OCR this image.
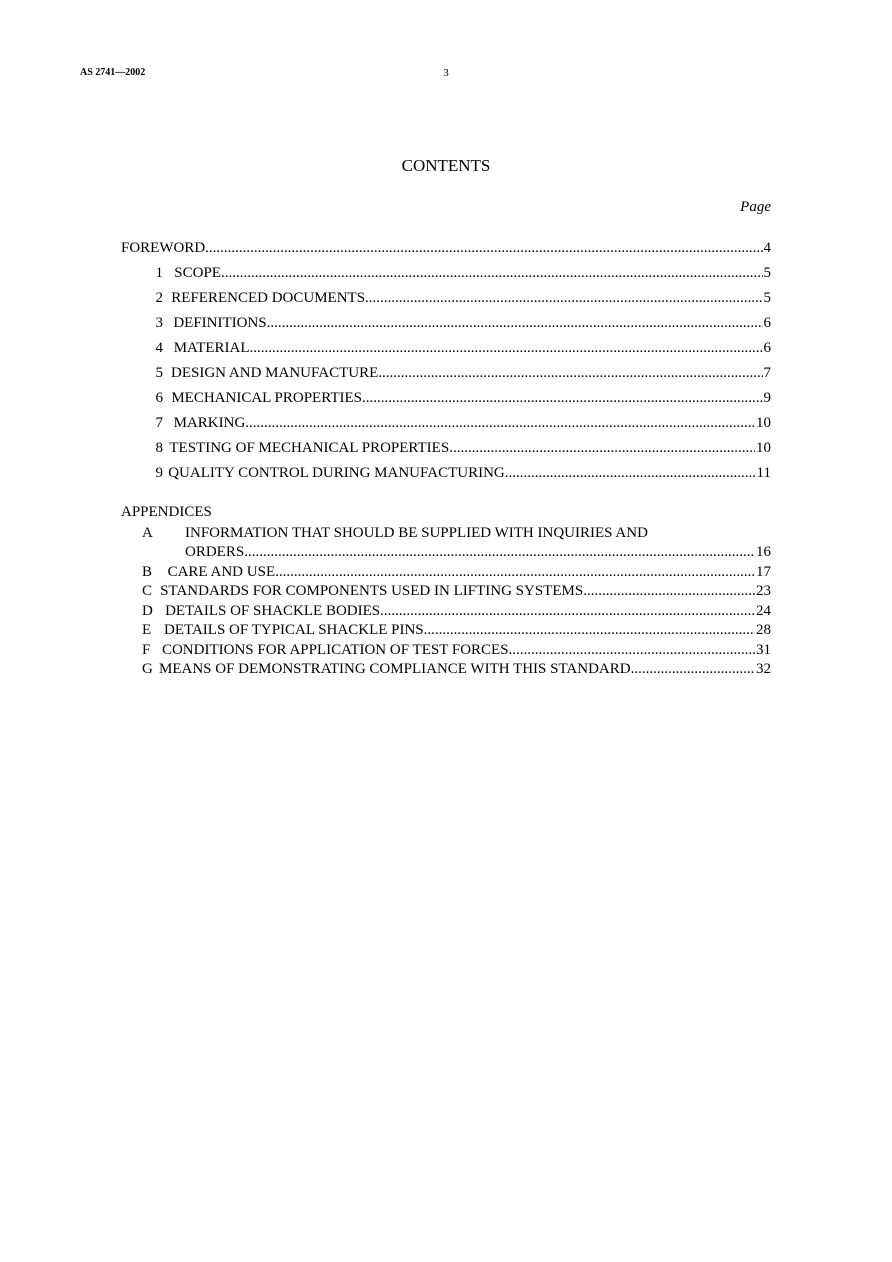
AS 2741—2002	3
CONTENTS
Page
FOREWORD .....	4
1 SCOPE .....	5
2 REFERENCED DOCUMENTS .....	5
3 DEFINITIONS .....	6
4 MATERIAL .....	6
5 DESIGN AND MANUFACTURE .....	7
6 MECHANICAL PROPERTIES .....	9
7 MARKING .....	10
8 TESTING OF MECHANICAL PROPERTIES .....	10
9 QUALITY CONTROL DURING MANUFACTURING .....	11
APPENDICES
A INFORMATION THAT SHOULD BE SUPPLIED WITH INQUIRIES AND
ORDERS .....	16
B CARE AND USE .....	17
C STANDARDS FOR COMPONENTS USED IN LIFTING SYSTEMS .....	23
D DETAILS OF SHACKLE BODIES .....	24
E DETAILS OF TYPICAL SHACKLE PINS .....	28
F CONDITIONS FOR APPLICATION OF TEST FORCES .....	31
G MEANS OF DEMONSTRATING COMPLIANCE WITH THIS STANDARD .....	32
